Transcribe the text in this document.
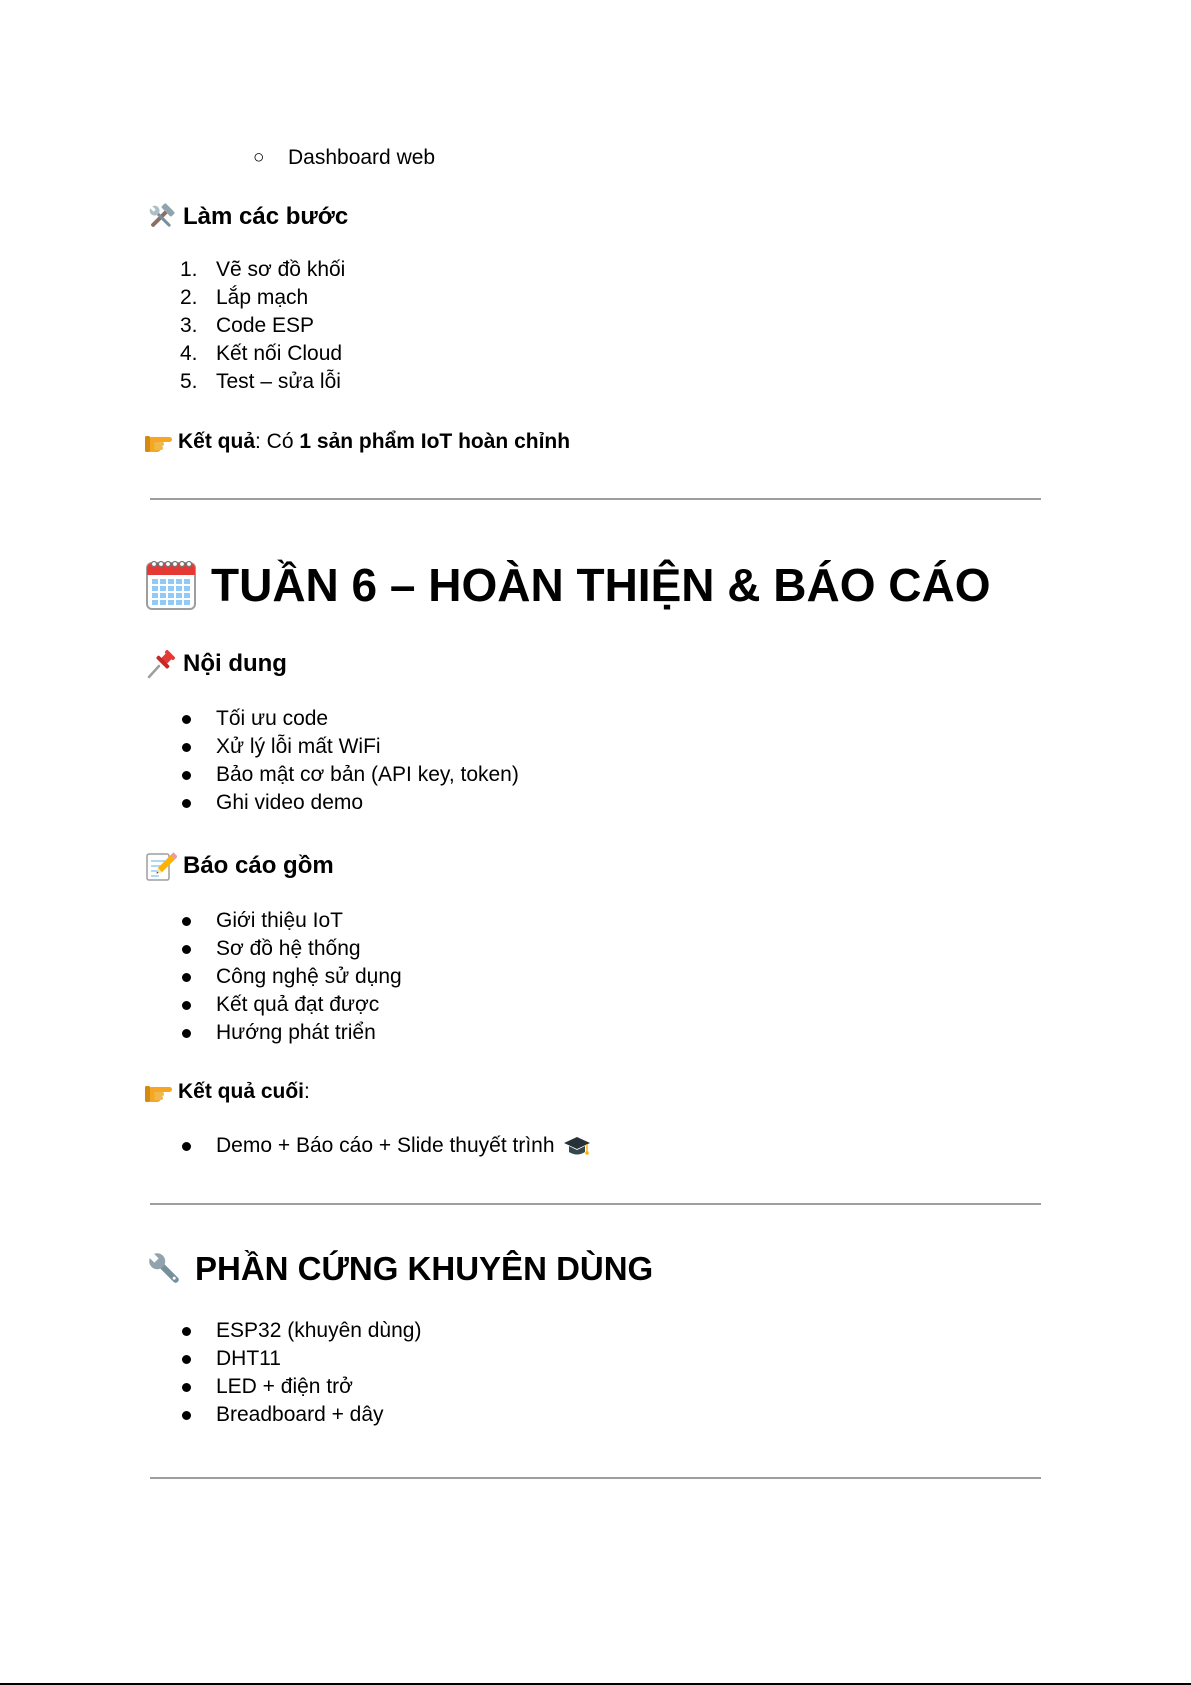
○ Dashboard web
Làm các bước
1. Vẽ sơ đồ khối
2. Lắp mạch
3. Code ESP
4. Kết nối Cloud
5. Test – sửa lỗi
Kết quả : Có 1 sản phẩm IoT hoàn chỉnh
TUẦN 6 – HOÀN THIỆN & BÁO CÁO
Nội dung
Tối ưu code
Xử lý lỗi mất WiFi
Bảo mật cơ bản (API key, token)
Ghi video demo
Báo cáo gồm
Giới thiệu IoT
Sơ đồ hệ thống
Công nghệ sử dụng
Kết quả đạt được
Hướng phát triển
Kết quả cuối :
Demo + Báo cáo + Slide thuyết trình
PHẦN CỨNG KHUYÊN DÙNG
ESP32 (khuyên dùng)
DHT11
LED + điện trở
Breadboard + dây
